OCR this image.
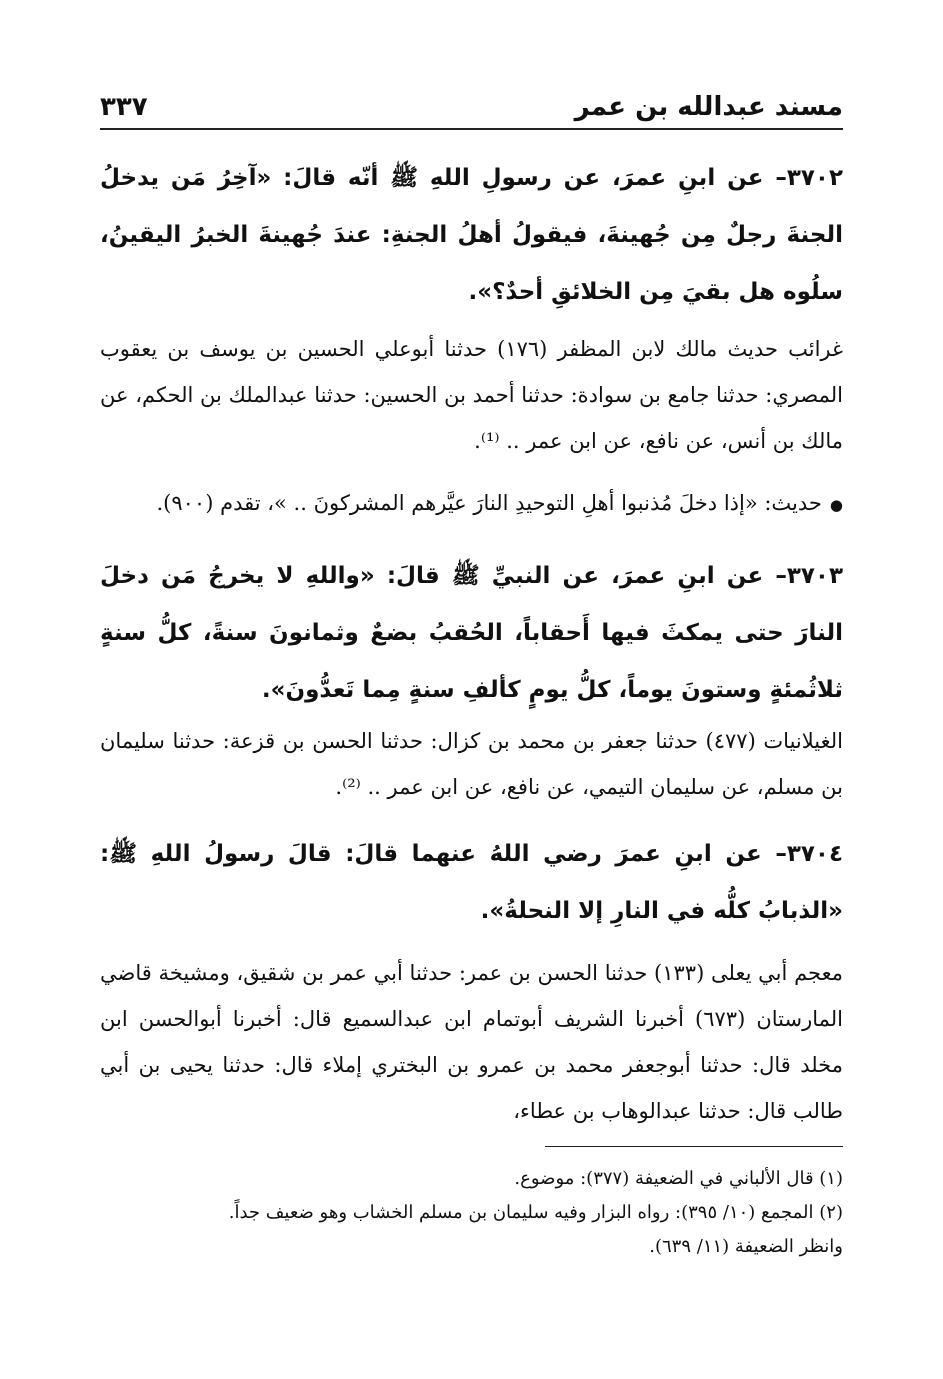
مسند عبدالله بن عمر
٣٣٧
٣٧٠٢– عن ابنِ عمرَ، عن رسولِ اللهِ ﷺ أنّه قالَ: «آخِرُ مَن يدخلُ الجنةَ رجلٌ مِن جُهينةَ، فيقولُ أهلُ الجنةِ: عندَ جُهينةَ الخبرُ اليقينُ، سلُوه هل بقيَ مِن الخلائقِ أحدٌ؟».
غرائب حديث مالك لابن المظفر (١٧٦) حدثنا أبوعلي الحسين بن يوسف بن يعقوب المصري: حدثنا جامع بن سوادة: حدثنا أحمد بن الحسين: حدثنا عبدالملك بن الحكم، عن مالك بن أنس، عن نافع، عن ابن عمر .. ⁽¹⁾.
● حديث: «إذا دخلَ مُذنبوا أهلِ التوحيدِ النارَ عيَّرهم المشركونَ .. »، تقدم (٩٠٠).
٣٧٠٣– عن ابنِ عمرَ، عن النبيِّ ﷺ قالَ: «واللهِ لا يخرجُ مَن دخلَ النارَ حتى يمكثَ فيها أَحقاباً، الحُقبُ بضعٌ وثمانونَ سنةً، كلُّ سنةٍ ثلاثُمئةٍ وستونَ يوماً، كلُّ يومٍ كألفِ سنةٍ مِما تَعدُّونَ».
الغيلانيات (٤٧٧) حدثنا جعفر بن محمد بن كزال: حدثنا الحسن بن قزعة: حدثنا سليمان بن مسلم، عن سليمان التيمي، عن نافع، عن ابن عمر .. ⁽²⁾.
٣٧٠٤– عن ابنِ عمرَ رضي اللهُ عنهما قالَ: قالَ رسولُ اللهِ ﷺ: «الذبابُ كلُّه في النارِ إلا النحلةُ».
معجم أبي يعلى (١٣٣) حدثنا الحسن بن عمر: حدثنا أبي عمر بن شقيق، ومشيخة قاضي المارستان (٦٧٣) أخبرنا الشريف أبوتمام ابن عبدالسميع قال: أخبرنا أبوالحسن ابن مخلد قال: حدثنا أبوجعفر محمد بن عمرو بن البختري إملاء قال: حدثنا يحيى بن أبي طالب قال: حدثنا عبدالوهاب بن عطاء،
(١) قال الألباني في الضعيفة (٣٧٧): موضوع.
(٢) المجمع (١٠/ ٣٩٥): رواه البزار وفيه سليمان بن مسلم الخشاب وهو ضعيف جداً.
وانظر الضعيفة (١١/ ٦٣٩).
